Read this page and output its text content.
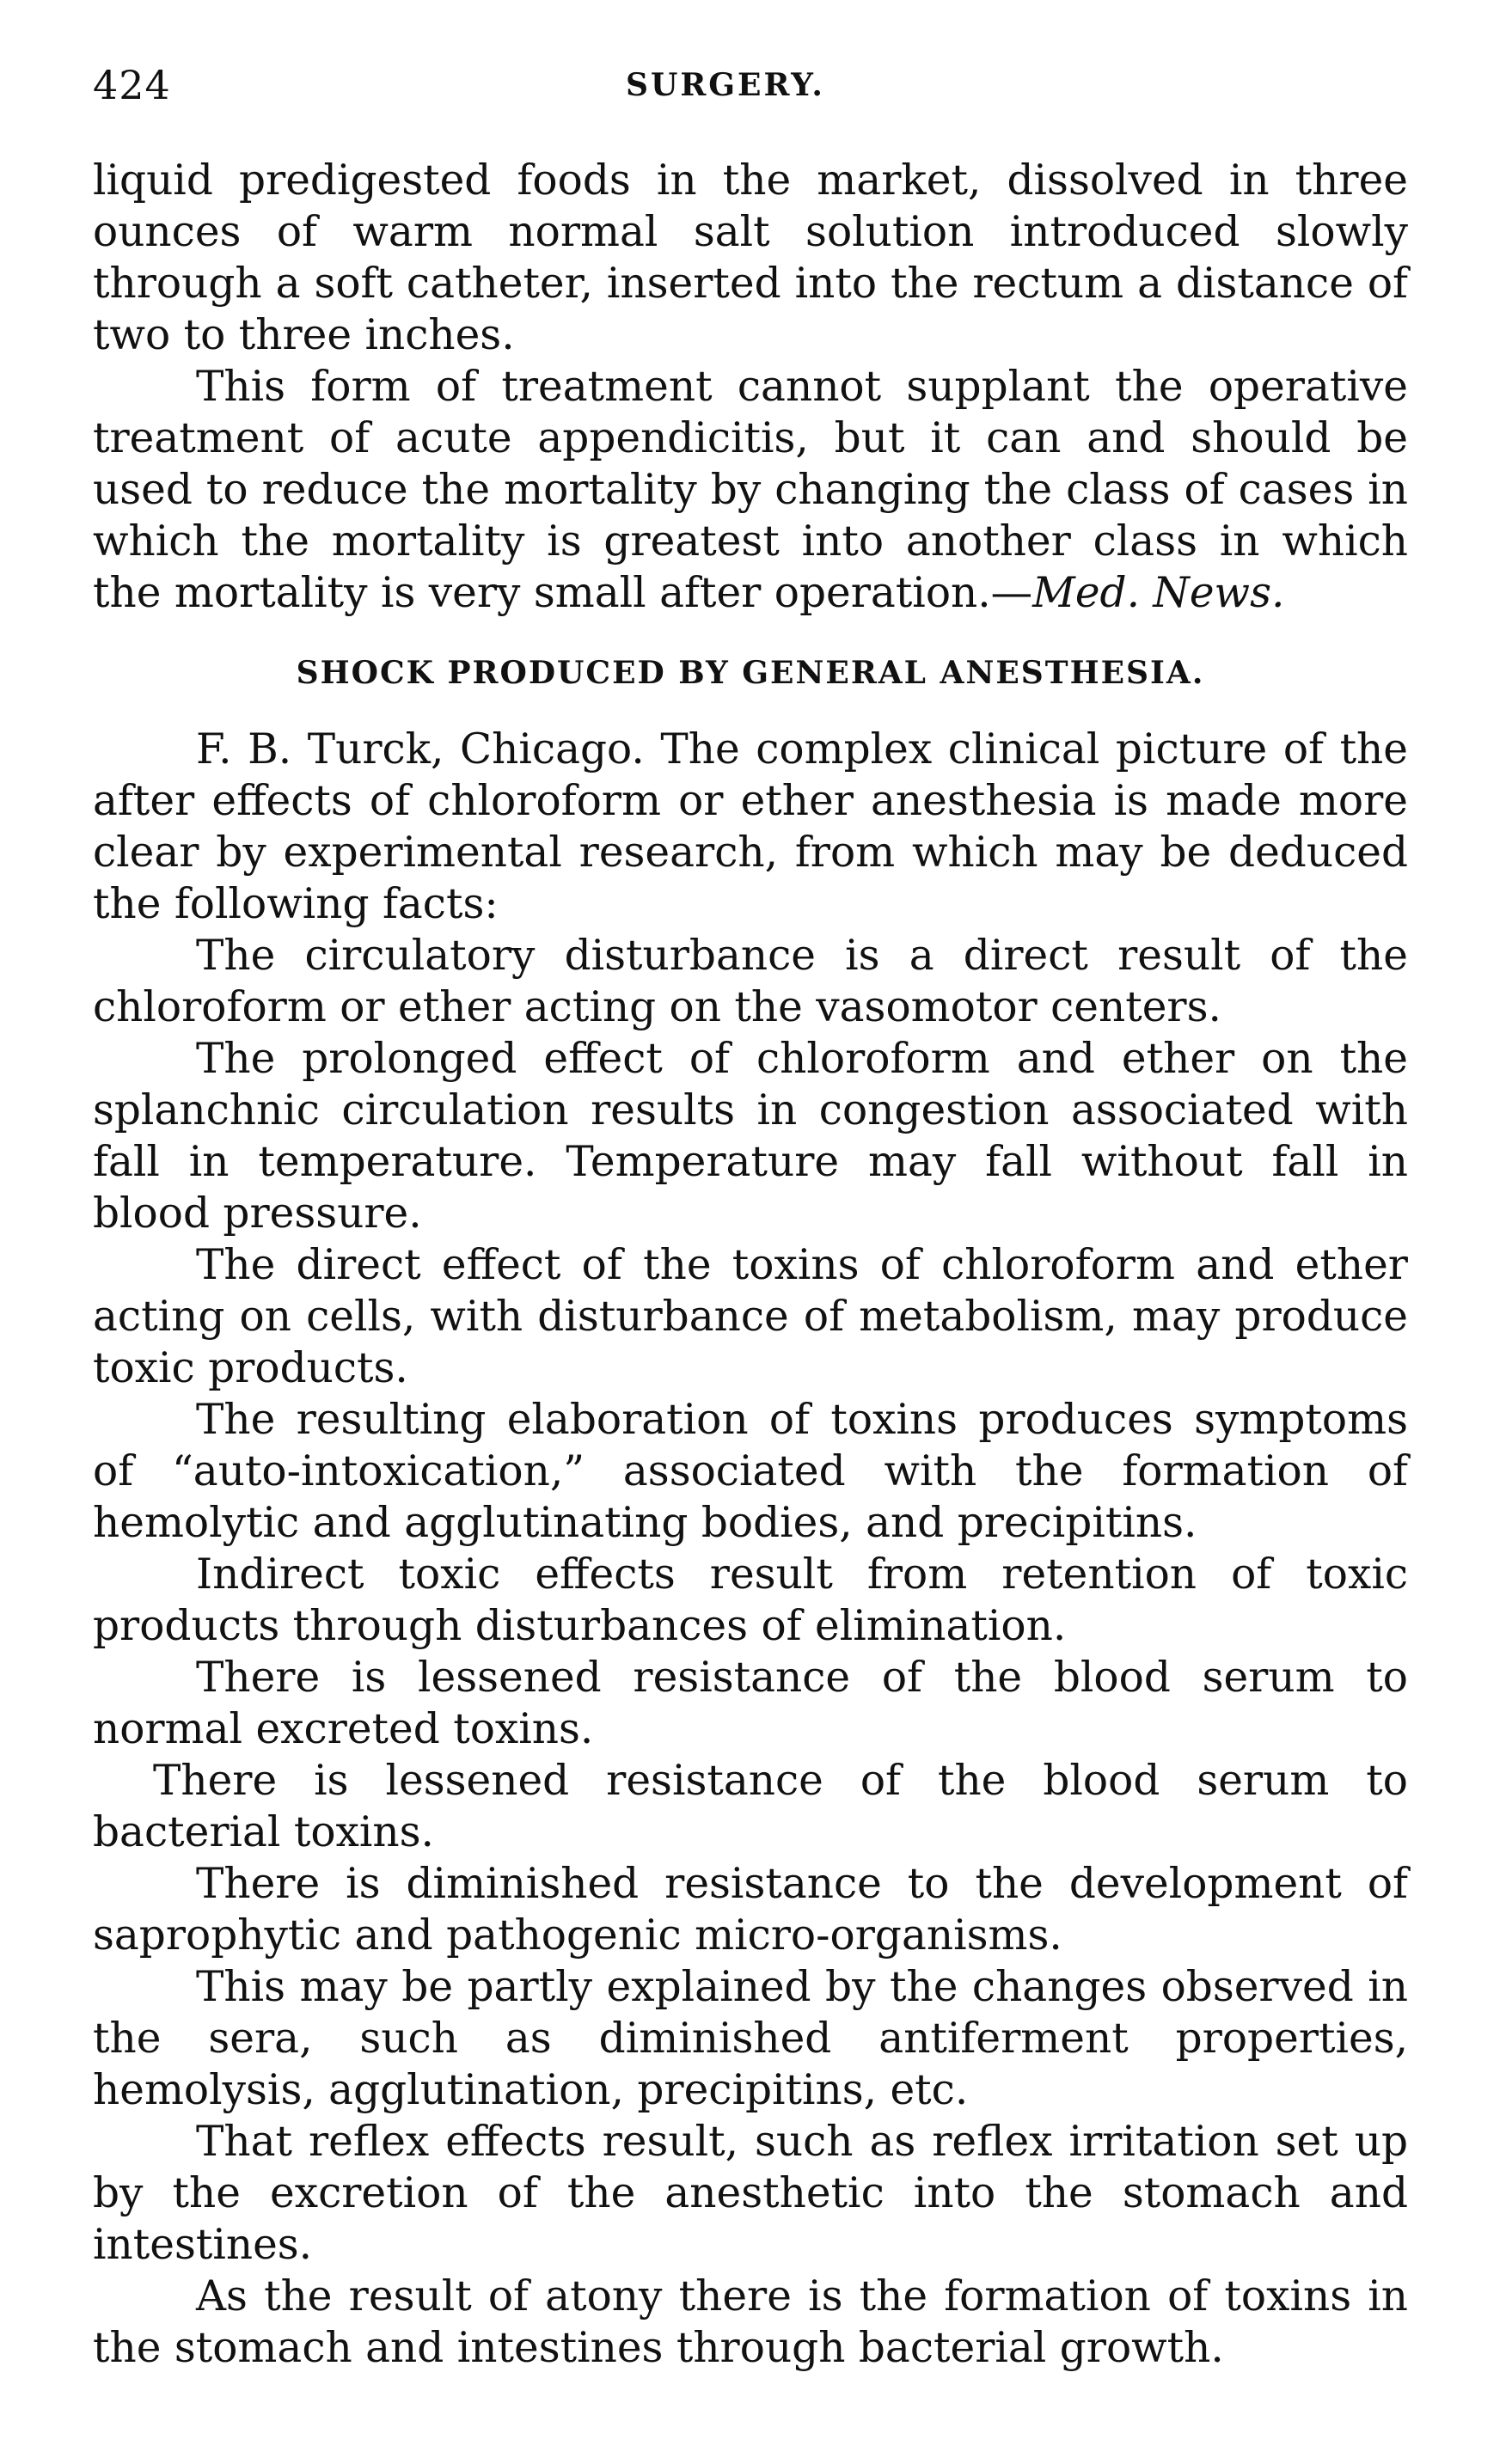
424	SURGERY.

liquid predigested foods in the market, dissolved in three ounces of warm normal salt solution introduced slowly through a soft catheter, inserted into the rectum a distance of two to three inches.

This form of treatment cannot supplant the operative treatment of acute appendicitis, but it can and should be used to reduce the mortality by changing the class of cases in which the mortality is greatest into another class in which the mortality is very small after operation.—Med. News.

SHOCK PRODUCED BY GENERAL ANESTHESIA.

F. B. Turck, Chicago. The complex clinical picture of the after effects of chloroform or ether anesthesia is made more clear by experimental research, from which may be deduced the following facts:

The circulatory disturbance is a direct result of the chloroform or ether acting on the vasomotor centers.

The prolonged effect of chloroform and ether on the splanchnic circulation results in congestion associated with fall in temperature. Temperature may fall without fall in blood pressure.

The direct effect of the toxins of chloroform and ether acting on cells, with disturbance of metabolism, may produce toxic products.

The resulting elaboration of toxins produces symptoms of “auto-intoxication,” associated with the formation of hemolytic and agglutinating bodies, and precipitins.

Indirect toxic effects result from retention of toxic products through disturbances of elimination.

There is lessened resistance of the blood serum to normal excreted toxins.

There is lessened resistance of the blood serum to bacterial toxins.

There is diminished resistance to the development of saprophytic and pathogenic micro-organisms.

This may be partly explained by the changes observed in the sera, such as diminished antiferment properties, hemolysis, agglutination, precipitins, etc.

That reflex effects result, such as reflex irritation set up by the excretion of the anesthetic into the stomach and intestines.

As the result of atony there is the formation of toxins in the stomach and intestines through bacterial growth.
